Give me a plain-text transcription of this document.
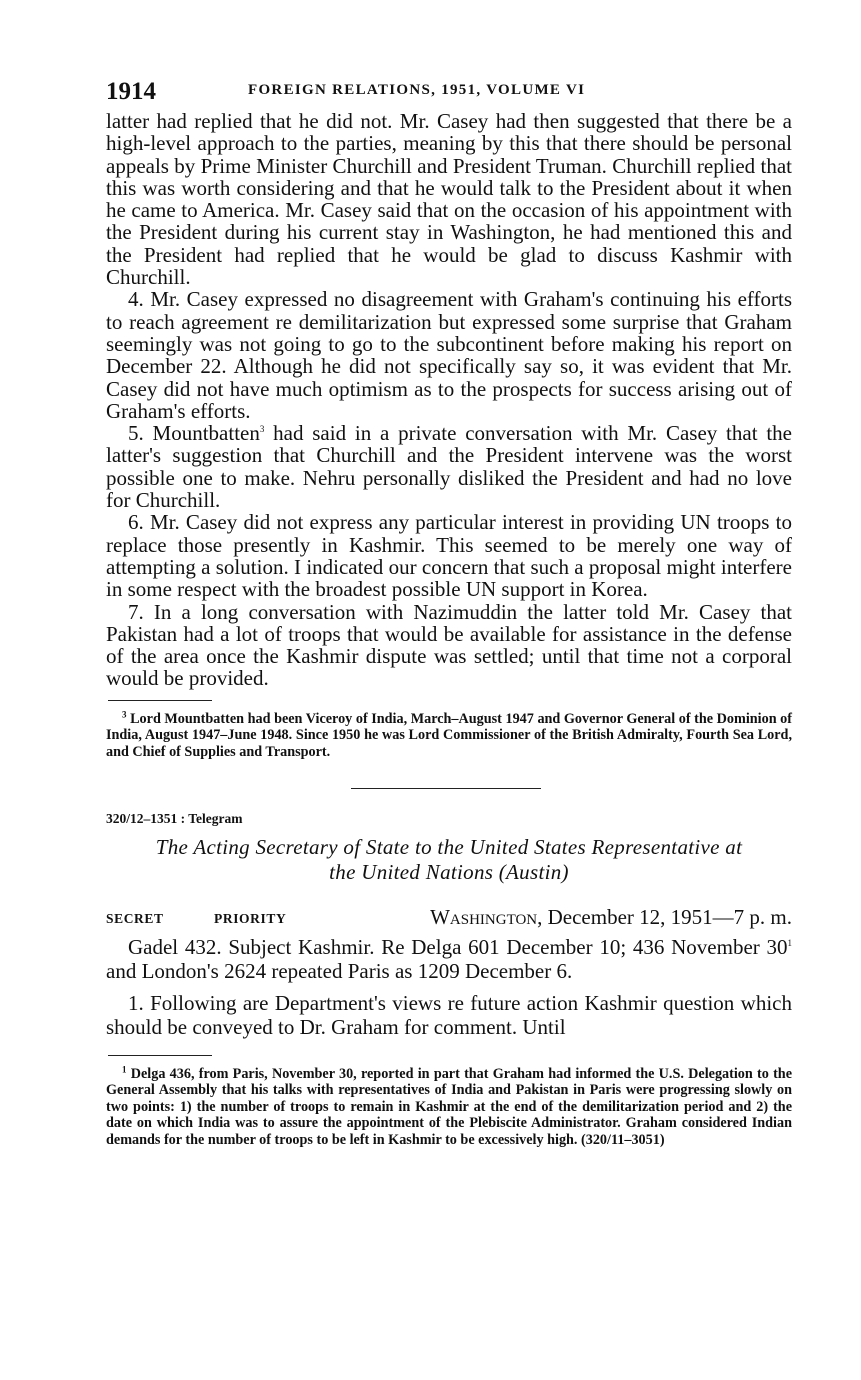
1914	FOREIGN RELATIONS, 1951, VOLUME VI

latter had replied that he did not. Mr. Casey had then suggested that there be a high-level approach to the parties, meaning by this that there should be personal appeals by Prime Minister Churchill and President Truman. Churchill replied that this was worth considering and that he would talk to the President about it when he came to America. Mr. Casey said that on the occasion of his appointment with the President during his current stay in Washington, he had mentioned this and the President had replied that he would be glad to discuss Kashmir with Churchill.

4. Mr. Casey expressed no disagreement with Graham's continuing his efforts to reach agreement re demilitarization but expressed some surprise that Graham seemingly was not going to go to the subcontinent before making his report on December 22. Although he did not specifically say so, it was evident that Mr. Casey did not have much optimism as to the prospects for success arising out of Graham's efforts.

5. Mountbatten$^3$ had said in a private conversation with Mr. Casey that the latter's suggestion that Churchill and the President intervene was the worst possible one to make. Nehru personally disliked the President and had no love for Churchill.

6. Mr. Casey did not express any particular interest in providing UN troops to replace those presently in Kashmir. This seemed to be merely one way of attempting a solution. I indicated our concern that such a proposal might interfere in some respect with the broadest possible UN support in Korea.

7. In a long conversation with Nazimuddin the latter told Mr. Casey that Pakistan had a lot of troops that would be available for assistance in the defense of the area once the Kashmir dispute was settled; until that time not a corporal would be provided.

$^3$ Lord Mountbatten had been Viceroy of India, March–August 1947 and Governor General of the Dominion of India, August 1947–June 1948. Since 1950 he was Lord Commissioner of the British Admiralty, Fourth Sea Lord, and Chief of Supplies and Transport.

320/12–1351 : Telegram
The Acting Secretary of State to the United States Representative at
the United Nations (Austin)
SECRET	PRIORITY	Washington, December 12, 1951—7 p. m.

Gadel 432. Subject Kashmir. Re Delga 601 December 10; 436 November $30^1$ and London's 2624 repeated Paris as 1209 December 6.

1. Following are Department's views re future action Kashmir question which should be conveyed to Dr. Graham for comment. Until

$^1$ Delga 436, from Paris, November 30, reported in part that Graham had informed the U.S. Delegation to the General Assembly that his talks with representatives of India and Pakistan in Paris were progressing slowly on two points: 1) the number of troops to remain in Kashmir at the end of the demilitarization period and 2) the date on which India was to assure the appointment of the Plebiscite Administrator. Graham considered Indian demands for the number of troops to be left in Kashmir to be excessively high. (320/11–3051)
